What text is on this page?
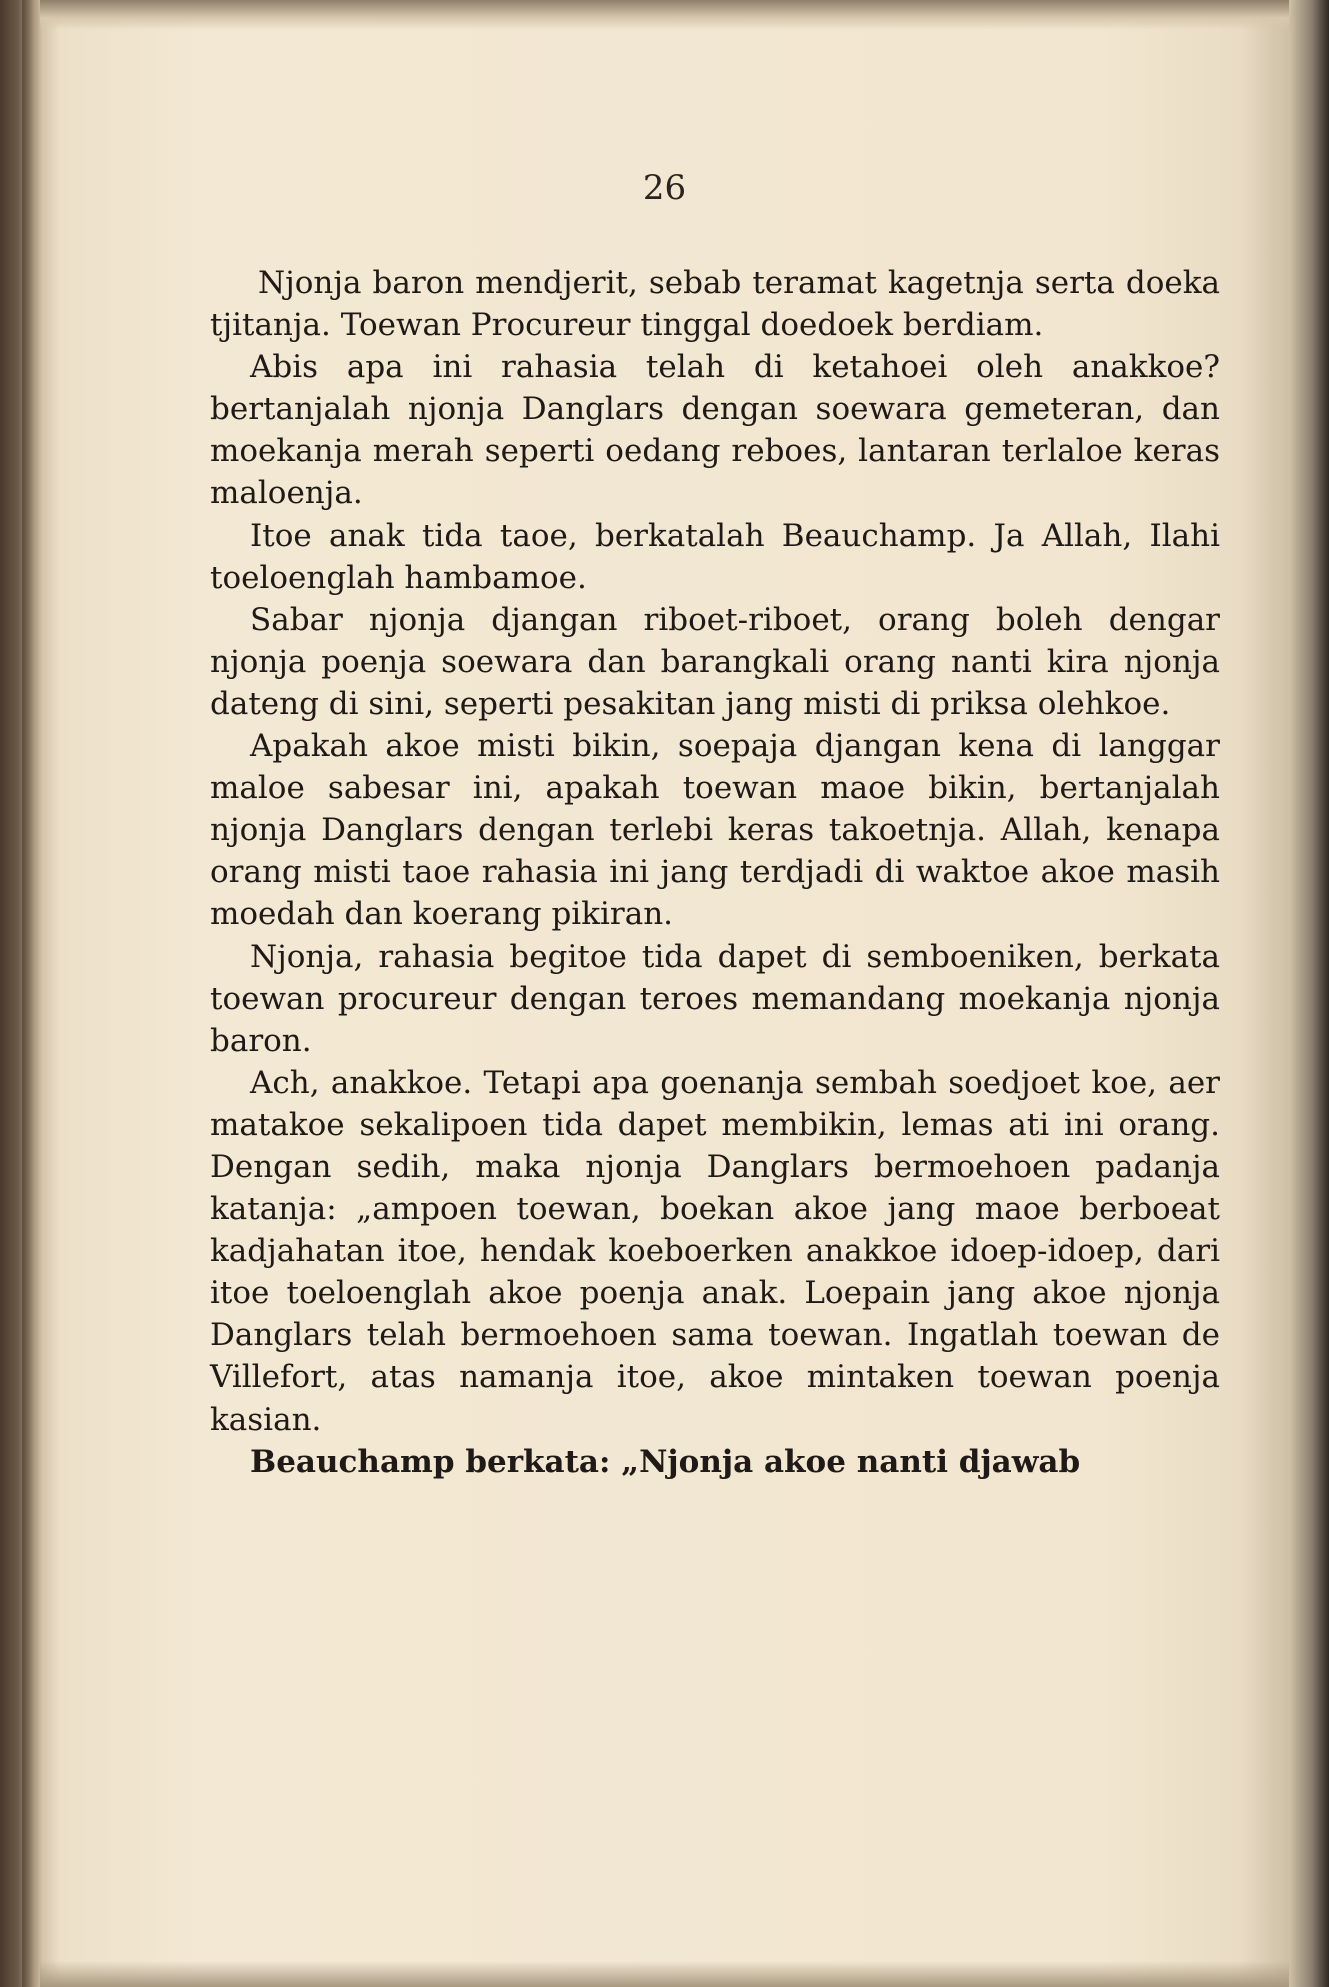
26

Njonja baron mendjerit, sebab teramat kagetnja serta doeka tjitanja. Toewan Procureur tinggal doedoek berdiam.

Abis apa ini rahasia telah di ketahoei oleh anakkoe? bertanjalah njonja Danglars dengan soewara gemeteran, dan moekanja merah seperti oedang reboes, lantaran terlaloe keras maloenja.

Itoe anak tida taoe, berkatalah Beauchamp. Ja Allah, Ilahi toeloenglah hambamoe.

Sabar njonja djangan riboet-riboet, orang boleh dengar njonja poenja soewara dan barangkali orang nanti kira njonja dateng di sini, seperti pesakitan jang misti di priksa olehkoe.

Apakah akoe misti bikin, soepaja djangan kena di langgar maloe sabesar ini, apakah toewan maoe bikin, bertanjalah njonja Danglars dengan terlebi keras takoetnja. Allah, kenapa orang misti taoe rahasia ini jang terdjadi di waktoe akoe masih moedah dan koerang pikiran.

Njonja, rahasia begitoe tida dapet di semboeniken, berkata toewan procureur dengan teroes memandang moekanja njonja baron.

Ach, anakkoe. Tetapi apa goenanja sembah soedjoet koe, aer matakoe sekalipoen tida dapet membikin, lemas ati ini orang. Dengan sedih, maka njonja Danglars bermoehoen padanja katanja: „ampoen toewan, boekan akoe jang maoe berboeat kadjahatan itoe, hendak koeboerken anakkoe idoep-idoep, dari itoe toeloenglah akoe poenja anak. Loepain jang akoe njonja Danglars telah bermoehoen sama toewan. Ingatlah toewan de Villefort, atas namanja itoe, akoe mintaken toewan poenja kasian.

Beauchamp berkata: „Njonja akoe nanti djawab
